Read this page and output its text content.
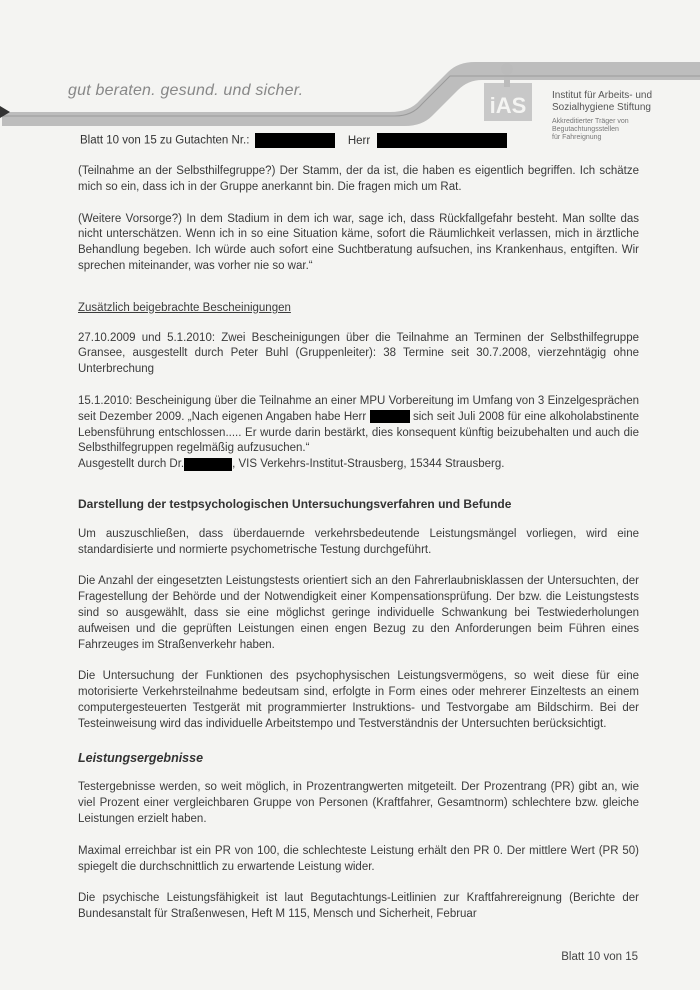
gut beraten. gesund. und sicher.
iAS	Institut für Arbeits- und
Sozialhygiene Stiftung
Akkreditierter Träger von
Begutachtungsstellen
für Fahreignung
Blatt 10 von 15 zu Gutachten Nr.:	Herr

(Teilnahme an der Selbsthilfegruppe?) Der Stamm, der da ist, die haben es eigentlich begriffen. Ich schätze mich so ein, dass ich in der Gruppe anerkannt bin. Die fragen mich um Rat.

(Weitere Vorsorge?) In dem Stadium in dem ich war, sage ich, dass Rückfallgefahr besteht. Man sollte das nicht unterschätzen. Wenn ich in so eine Situation käme, sofort die Räumlichkeit verlassen, mich in ärztliche Behandlung begeben. Ich würde auch sofort eine Suchtberatung aufsuchen, ins Krankenhaus, entgiften. Wir sprechen miteinander, was vorher nie so war.“

Zusätzlich beigebrachte Bescheinigungen

27.10.2009 und 5.1.2010: Zwei Bescheinigungen über die Teilnahme an Terminen der Selbsthilfegruppe Gransee, ausgestellt durch Peter Buhl (Gruppenleiter): 38 Termine seit 30.7.2008, vierzehntägig ohne Unterbrechung

15.1.2010: Bescheinigung über die Teilnahme an einer MPU Vorbereitung im Umfang von 3 Einzelgesprächen seit Dezember 2009. „Nach eigenen Angaben habe Herr	sich seit Juli 2008 für eine alkoholabstinente Lebensführung entschlossen..... Er wurde darin bestärkt, dies konsequent künftig beizubehalten und auch die Selbsthilfegruppen regelmäßig aufzusuchen.“
Ausgestellt durch Dr.	, VIS Verkehrs-Institut-Strausberg, 15344 Strausberg.

Darstellung der testpsychologischen Untersuchungsverfahren und Befunde

Um auszuschließen, dass überdauernde verkehrsbedeutende Leistungsmängel vorliegen, wird eine standardisierte und normierte psychometrische Testung durchgeführt.

Die Anzahl der eingesetzten Leistungstests orientiert sich an den Fahrerlaubnisklassen der Untersuchten, der Fragestellung der Behörde und der Notwendigkeit einer Kompensationsprüfung. Der bzw. die Leistungstests sind so ausgewählt, dass sie eine möglichst geringe individuelle Schwankung bei Testwiederholungen aufweisen und die geprüften Leistungen einen engen Bezug zu den Anforderungen beim Führen eines Fahrzeuges im Straßenverkehr haben.

Die Untersuchung der Funktionen des psychophysischen Leistungsvermögens, so weit diese für eine motorisierte Verkehrsteilnahme bedeutsam sind, erfolgte in Form eines oder mehrerer Einzeltests an einem computergesteuerten Testgerät mit programmierter Instruktions- und Testvorgabe am Bildschirm. Bei der Testeinweisung wird das individuelle Arbeitstempo und Testverständnis der Untersuchten berücksichtigt.

Leistungsergebnisse

Testergebnisse werden, so weit möglich, in Prozentrangwerten mitgeteilt. Der Prozentrang (PR) gibt an, wie viel Prozent einer vergleichbaren Gruppe von Personen (Kraftfahrer, Gesamtnorm) schlechtere bzw. gleiche Leistungen erzielt haben.

Maximal erreichbar ist ein PR von 100, die schlechteste Leistung erhält den PR 0. Der mittlere Wert (PR 50) spiegelt die durchschnittlich zu erwartende Leistung wider.

Die psychische Leistungsfähigkeit ist laut Begutachtungs-Leitlinien zur Kraftfahrereignung (Berichte der Bundesanstalt für Straßenwesen, Heft M 115, Mensch und Sicherheit, Februar

Blatt 10 von 15
